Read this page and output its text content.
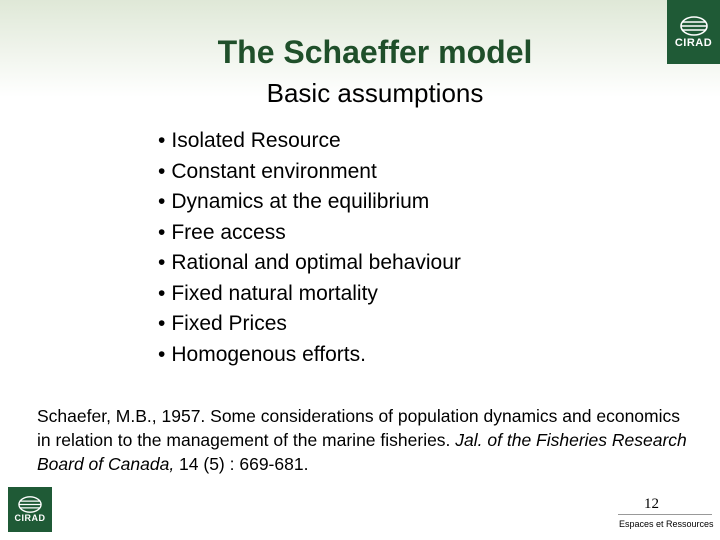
CIRAD
The Schaeffer model
Basic assumptions
• Isolated Resource
• Constant environment
• Dynamics at the equilibrium
• Free access
• Rational and optimal behaviour
• Fixed natural mortality
• Fixed Prices
• Homogenous efforts.
Schaefer, M.B., 1957. Some considerations of population dynamics and economics in relation to the management of the marine fisheries. Jal. of the Fisheries Research Board of Canada, 14 (5) : 669-681.
CIRAD
12
Espaces et Ressources
